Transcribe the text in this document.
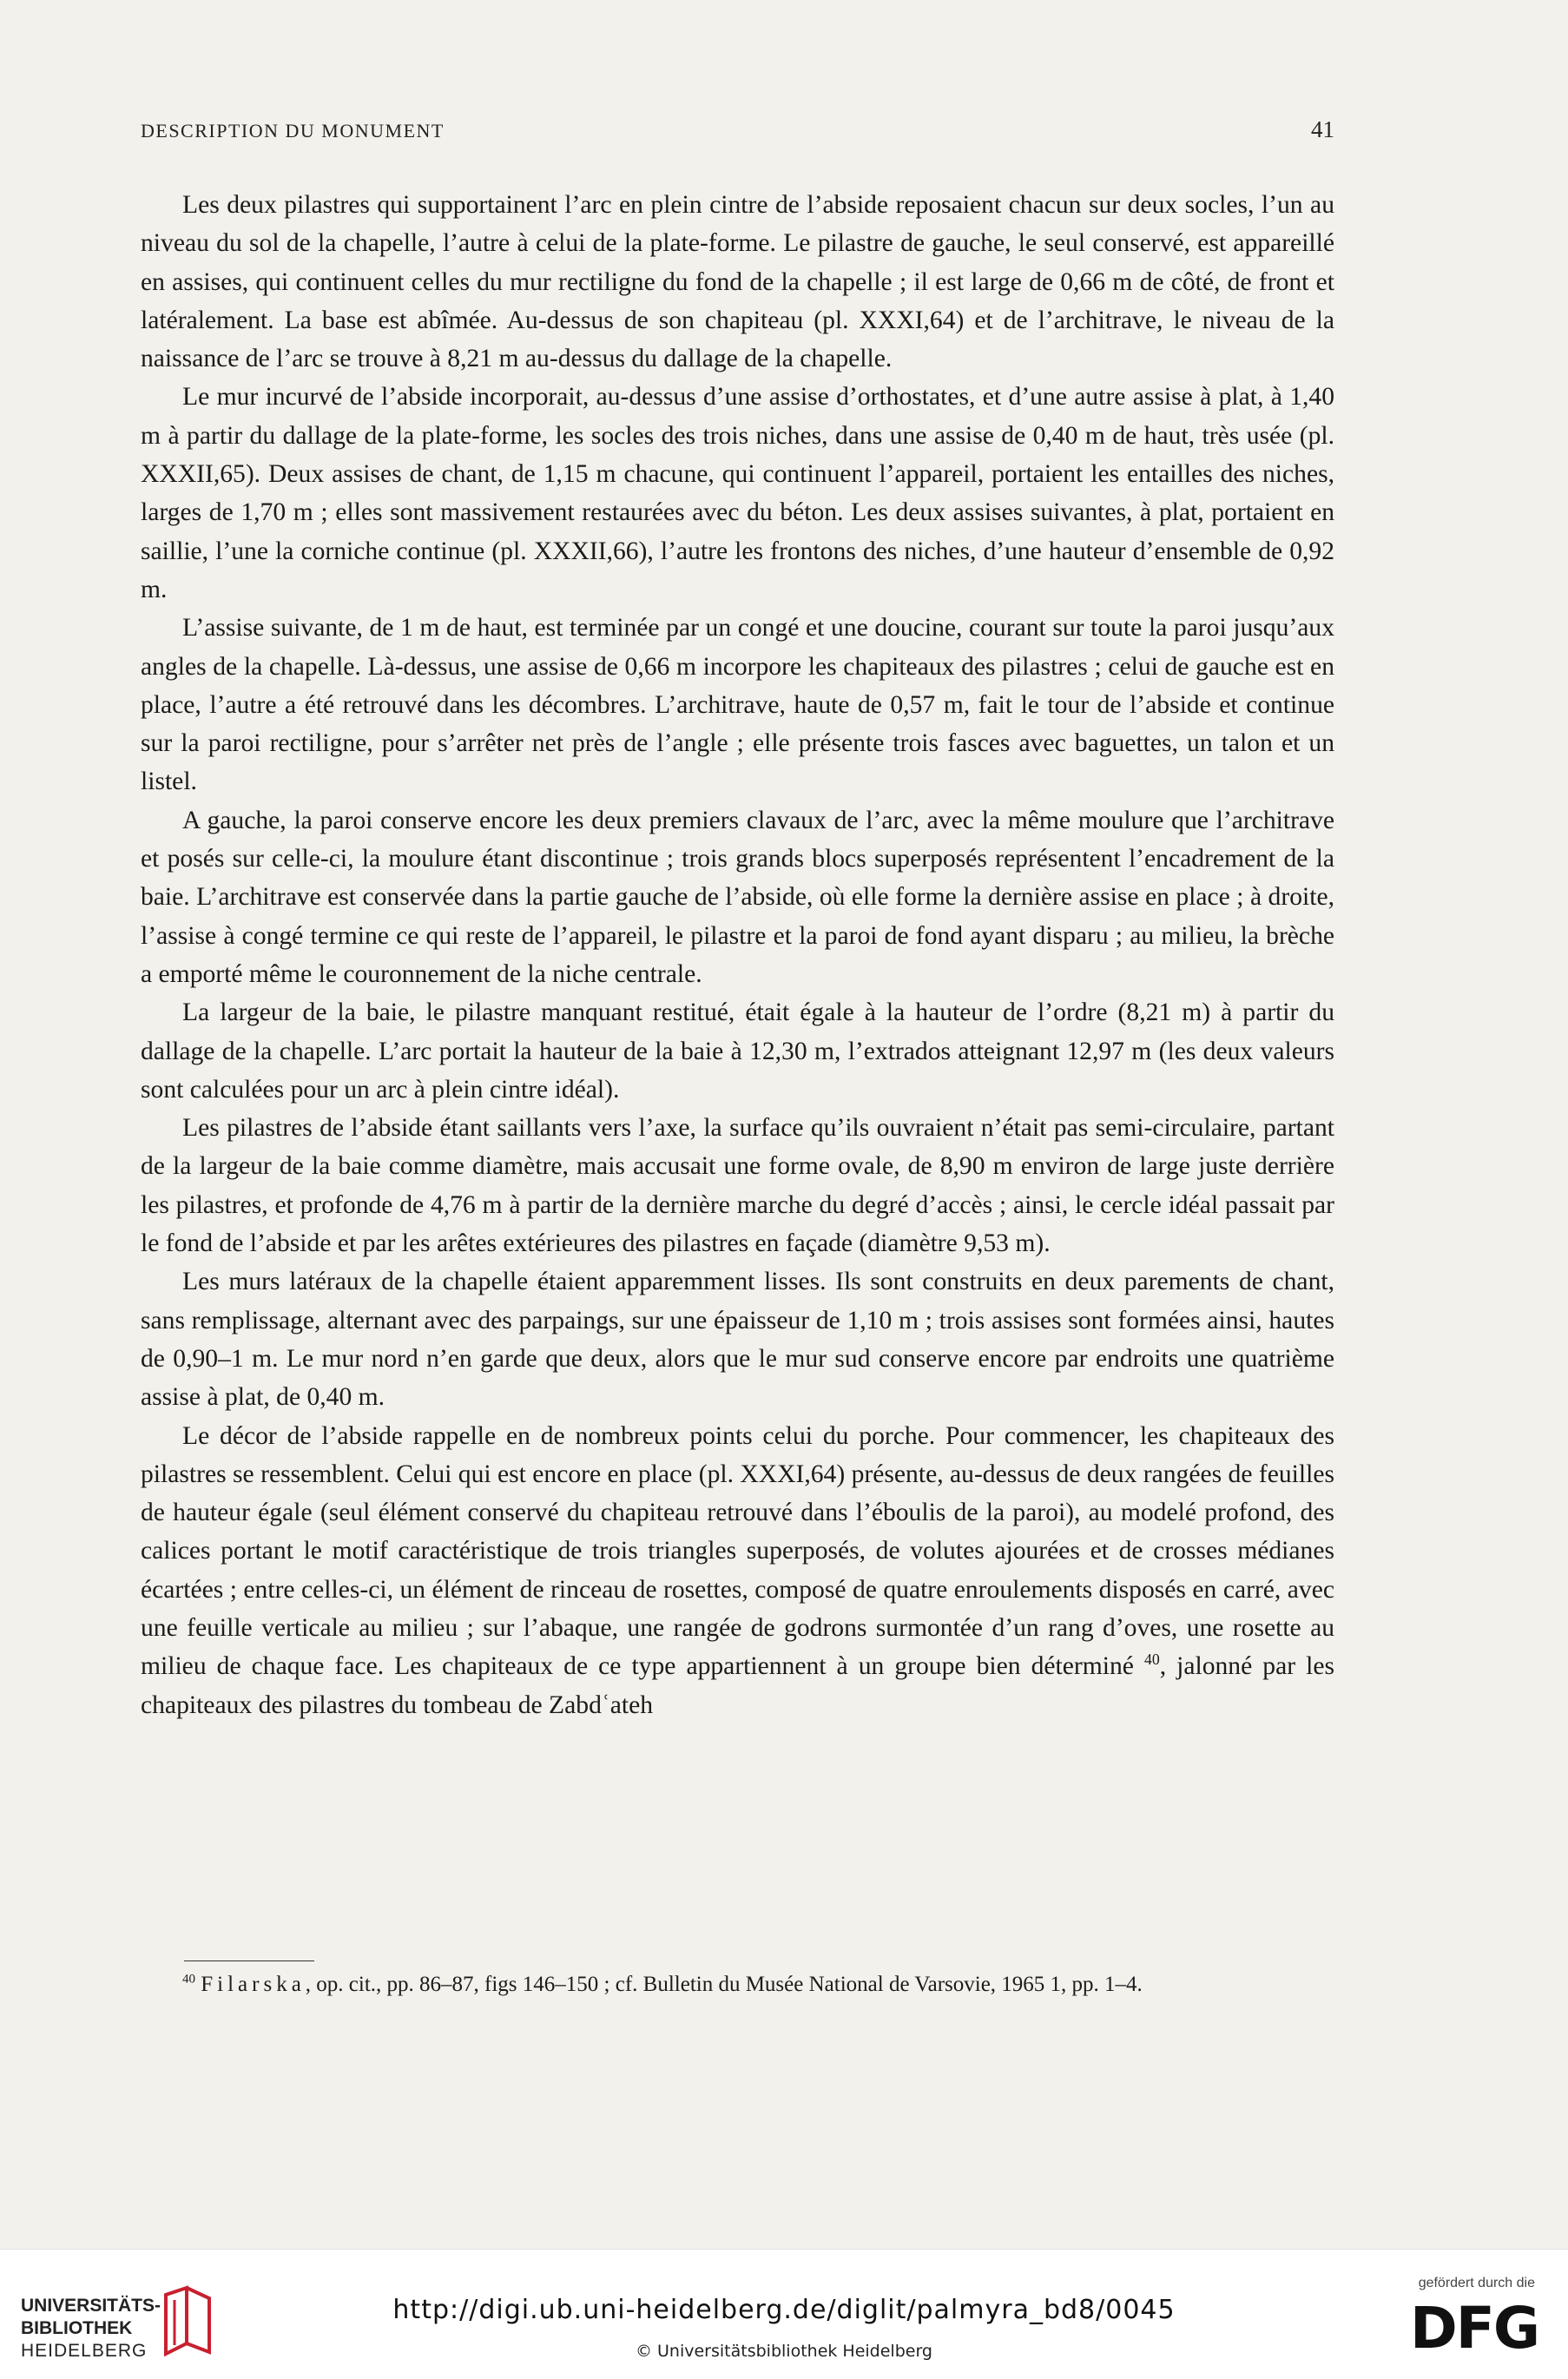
DESCRIPTION DU MONUMENT	41

Les deux pilastres qui supportainent l’arc en plein cintre de l’abside reposaient chacun sur deux socles, l’un au niveau du sol de la chapelle, l’autre à celui de la plate-forme. Le pilastre de gauche, le seul conservé, est appareillé en assises, qui continuent celles du mur rectiligne du fond de la chapelle ; il est large de 0,66 m de côté, de front et latéralement. La base est abîmée. Au-dessus de son chapiteau (pl. XXXI,64) et de l’architrave, le niveau de la naissance de l’arc se trouve à 8,21 m au-dessus du dallage de la chapelle.

Le mur incurvé de l’abside incorporait, au-dessus d’une assise d’orthostates, et d’une autre assise à plat, à 1,40 m à partir du dallage de la plate-forme, les socles des trois niches, dans une assise de 0,40 m de haut, très usée (pl. XXXII,65). Deux assises de chant, de 1,15 m chacune, qui continuent l’appareil, portaient les entailles des niches, larges de 1,70 m ; elles sont massivement restaurées avec du béton. Les deux assises suivantes, à plat, portaient en saillie, l’une la corniche continue (pl. XXXII,66), l’autre les frontons des niches, d’une hauteur d’ensemble de 0,92 m.

L’assise suivante, de 1 m de haut, est terminée par un congé et une doucine, courant sur toute la paroi jusqu’aux angles de la chapelle. Là-dessus, une assise de 0,66 m incorpore les chapiteaux des pilastres ; celui de gauche est en place, l’autre a été retrouvé dans les décombres. L’architrave, haute de 0,57 m, fait le tour de l’abside et continue sur la paroi rectiligne, pour s’arrêter net près de l’angle ; elle présente trois fasces avec baguettes, un talon et un listel.

A gauche, la paroi conserve encore les deux premiers clavaux de l’arc, avec la même moulure que l’architrave et posés sur celle-ci, la moulure étant discontinue ; trois grands blocs superposés représentent l’encadrement de la baie. L’architrave est conservée dans la partie gauche de l’abside, où elle forme la dernière assise en place ; à droite, l’assise à congé termine ce qui reste de l’appareil, le pilastre et la paroi de fond ayant disparu ; au milieu, la brèche a emporté même le couronnement de la niche centrale.

La largeur de la baie, le pilastre manquant restitué, était égale à la hauteur de l’ordre (8,21 m) à partir du dallage de la chapelle. L’arc portait la hauteur de la baie à 12,30 m, l’extrados atteignant 12,97 m (les deux valeurs sont calculées pour un arc à plein cintre idéal).

Les pilastres de l’abside étant saillants vers l’axe, la surface qu’ils ouvraient n’était pas semi-circulaire, partant de la largeur de la baie comme diamètre, mais accusait une forme ovale, de 8,90 m environ de large juste derrière les pilastres, et profonde de 4,76 m à partir de la dernière marche du degré d’accès ; ainsi, le cercle idéal passait par le fond de l’abside et par les arêtes extérieures des pilastres en façade (diamètre 9,53 m).

Les murs latéraux de la chapelle étaient apparemment lisses. Ils sont construits en deux parements de chant, sans remplissage, alternant avec des parpaings, sur une épaisseur de 1,10 m ; trois assises sont formées ainsi, hautes de 0,90–1 m. Le mur nord n’en garde que deux, alors que le mur sud conserve encore par endroits une quatrième assise à plat, de 0,40 m.

Le décor de l’abside rappelle en de nombreux points celui du porche. Pour commencer, les chapiteaux des pilastres se ressemblent. Celui qui est encore en place (pl. XXXI,64) présente, au-dessus de deux rangées de feuilles de hauteur égale (seul élément conservé du chapiteau retrouvé dans l’éboulis de la paroi), au modelé profond, des calices portant le motif caractéristique de trois triangles superposés, de volutes ajourées et de crosses médianes écartées ; entre celles-ci, un élément de rinceau de rosettes, composé de quatre enroulements disposés en carré, avec une feuille verticale au milieu ; sur l’abaque, une rangée de godrons surmontée d’un rang d’oves, une rosette au milieu de chaque face. Les chapiteaux de ce type appartiennent à un groupe bien déterminé $^{40}$, jalonné par les chapiteaux des pilastres du tombeau de Zabdʿateh

$^{40}$ Filarska, op. cit., pp. 86–87, figs 146–150 ; cf. Bulletin du Musée National de Varsovie, 1965 1, pp. 1–4.

UNIVERSITÄTS-
BIBLIOTHEK
HEIDELBERG
http://digi.ub.uni-heidelberg.de/diglit/palmyra_bd8/0045
© Universitätsbibliothek Heidelberg
gefördert durch die
DFG
